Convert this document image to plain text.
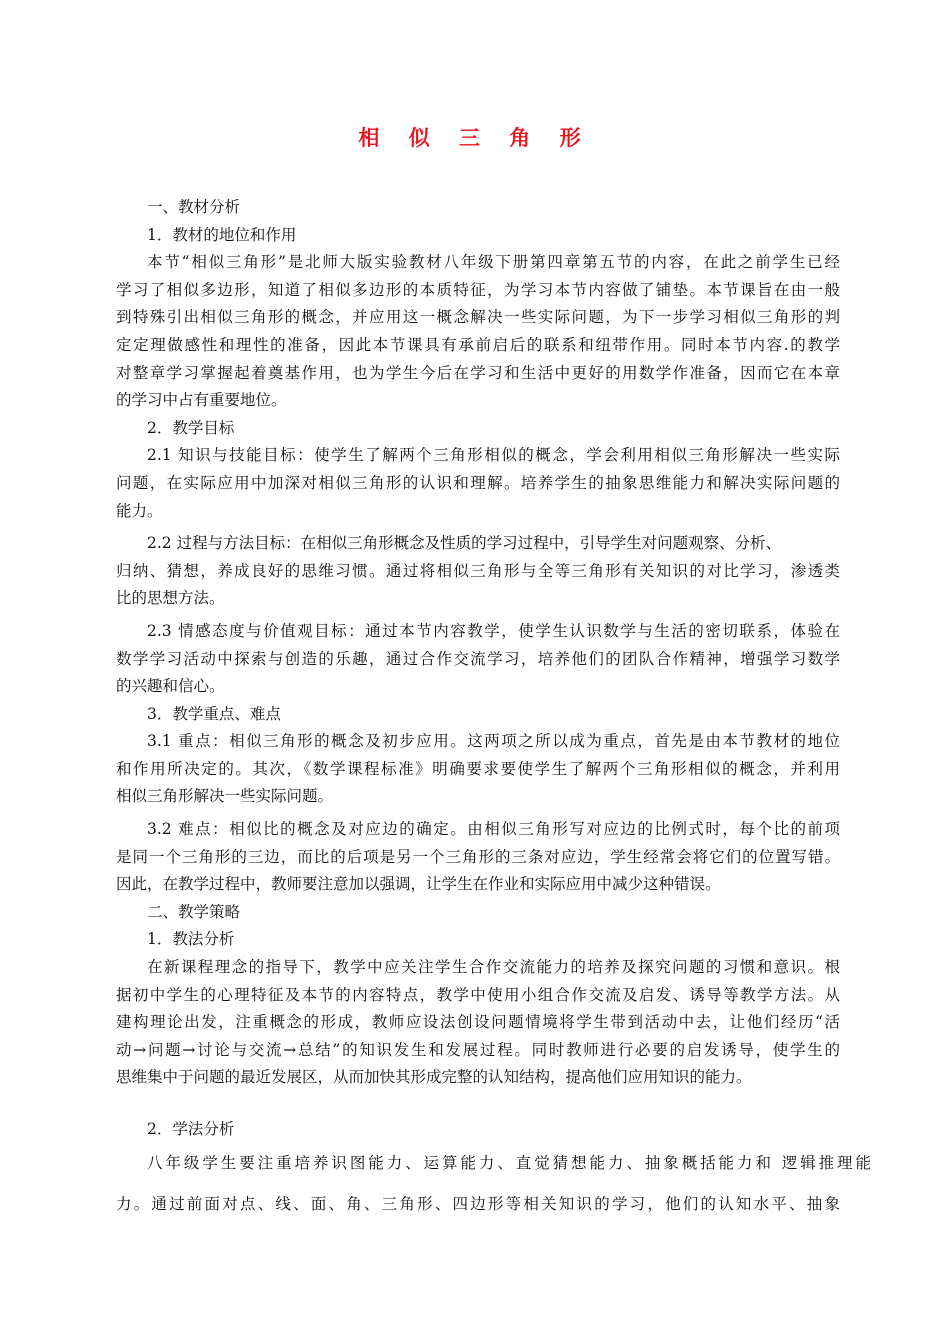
相 似 三 角 形
一、教材分析
1．教材的地位和作用
本节“相似三角形”是北师大版实验教材八年级下册第四章第五节的内容，在此之前学生已经
学习了相似多边形，知道了相似多边形的本质特征，为学习本节内容做了铺垫。本节课旨在由一般
到特殊引出相似三角形的概念，并应用这一概念解决一些实际问题，为下一步学习相似三角形的判
定定理做感性和理性的准备，因此本节课具有承前启后的联系和纽带作用。同时本节内容.的教学
对整章学习掌握起着奠基作用，也为学生今后在学习和生活中更好的用数学作准备，因而它在本章
的学习中占有重要地位。
2．教学目标
2.1 知识与技能目标：使学生了解两个三角形相似的概念，学会利用相似三角形解决一些实际
问题，在实际应用中加深对相似三角形的认识和理解。培养学生的抽象思维能力和解决实际问题的
能力。
2.2 过程与方法目标：在相似三角形概念及性质的学习过程中，引导学生对问题观察、分析、
归纳、猜想，养成良好的思维习惯。通过将相似三角形与全等三角形有关知识的对比学习，渗透类
比的思想方法。
2.3 情感态度与价值观目标：通过本节内容教学，使学生认识数学与生活的密切联系，体验在
数学学习活动中探索与创造的乐趣，通过合作交流学习，培养他们的团队合作精神，增强学习数学
的兴趣和信心。
3．教学重点、难点
3.1 重点：相似三角形的概念及初步应用。这两项之所以成为重点，首先是由本节教材的地位
和作用所决定的。其次，《数学课程标准》明确要求要使学生了解两个三角形相似的概念，并利用
相似三角形解决一些实际问题。
3.2 难点：相似比的概念及对应边的确定。由相似三角形写对应边的比例式时，每个比的前项
是同一个三角形的三边，而比的后项是另一个三角形的三条对应边，学生经常会将它们的位置写错。
因此，在教学过程中，教师要注意加以强调，让学生在作业和实际应用中减少这种错误。
二、教学策略
1．教法分析
在新课程理念的指导下，教学中应关注学生合作交流能力的培养及探究问题的习惯和意识。根
据初中学生的心理特征及本节的内容特点，教学中使用小组合作交流及启发、诱导等教学方法。从
建构理论出发，注重概念的形成，教师应设法创设问题情境将学生带到活动中去，让他们经历“活
动→问题→讨论与交流→总结”的知识发生和发展过程。同时教师进行必要的启发诱导，使学生的
思维集中于问题的最近发展区，从而加快其形成完整的认知结构，提高他们应用知识的能力。
2．学法分析
八年级学生要注重培养识图能力、运算能力、直觉猜想能力、抽象概括能力和 逻辑推理能
力。通过前面对点、线、面、角、三角形、四边形等相关知识的学习，他们的认知水平、抽象
